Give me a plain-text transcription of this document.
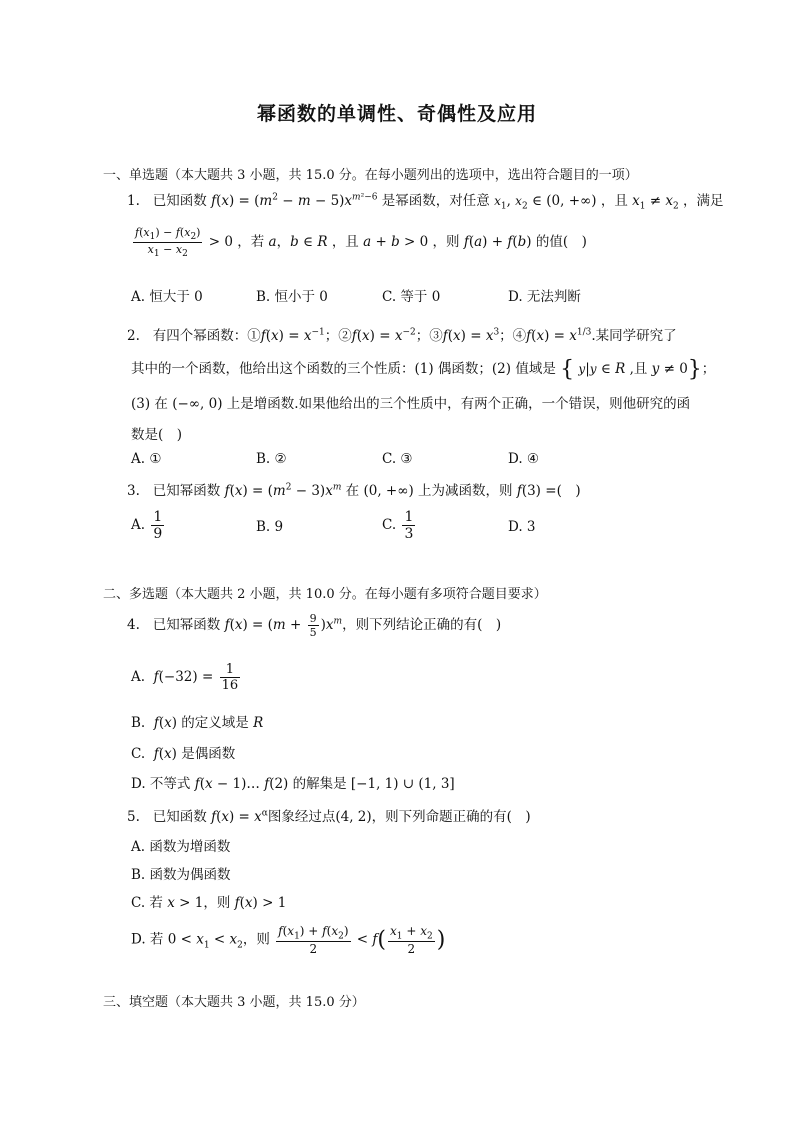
幂函数的单调性、奇偶性及应用
一、单选题（本大题共 3 小题，共 15.0 分。在每小题列出的选项中，选出符合题目的一项）
1. 已知函数 $f(x) = (m^2 - m - 5)x^{m^2-6}$ 是幂函数，对任意 $x_1$, $x_2$ ∈ (0, +∞) ，且 $x_1 \ne x_2$ ，满足
$\frac{f(x_1) - f(x_2)}{x_1 - x_2} > 0$ ，若 a，b ∈ R ，且 a + b > 0 ，则 f(a) + f(b) 的值(　)
A. 恒大于 0	B. 恒小于 0	C. 等于 0	D. 无法判断
2. 有四个幂函数：①f(x) = $x^{-1}$；②f(x) = $x^{-2}$；③f(x) = $x^3$；④f(x) = $x^{1/3}$.某同学研究了
其中的一个函数，他给出这个函数的三个性质：(1) 偶函数；(2) 值域是 { y|y ∈ R ,且 y ≠ 0}；
(3) 在 (−∞, 0) 上是增函数.如果他给出的三个性质中，有两个正确，一个错误，则他研究的函
数是(　)
A. ①	B. ②	C. ③	D. ④
3. 已知幂函数 $f(x) = (m^2 - 3)x^m$ 在 (0, +∞) 上为减函数，则 f(3) =(　)
A. $\frac{1}{9}$	B. 9	C. $\frac{1}{3}$	D. 3
二、多选题（本大题共 2 小题，共 10.0 分。在每小题有多项符合题目要求）
4. 已知幂函数 $f(x) = (m + \frac{9}{5} )x^m$，则下列结论正确的有(　)
A. $f(-32) = \frac{1}{16}$
B. f(x) 的定义域是 R
C. f(x) 是偶函数
D. 不等式 f(x − 1)… f(2) 的解集是 [−1, 1) ∪ (1, 3]
5. 已知函数 $f(x) = x^\alpha$图象经过点(4, 2)，则下列命题正确的有(　)
A. 函数为增函数
B. 函数为偶函数
C. 若 x > 1，则 f(x) > 1
D. 若 $0 < x_1 < x_2$，则 $\frac{f(x_1) + f(x_2)}{2} < f( \frac{x_1 + x_2}{2}$ )
三、填空题（本大题共 3 小题，共 15.0 分）
